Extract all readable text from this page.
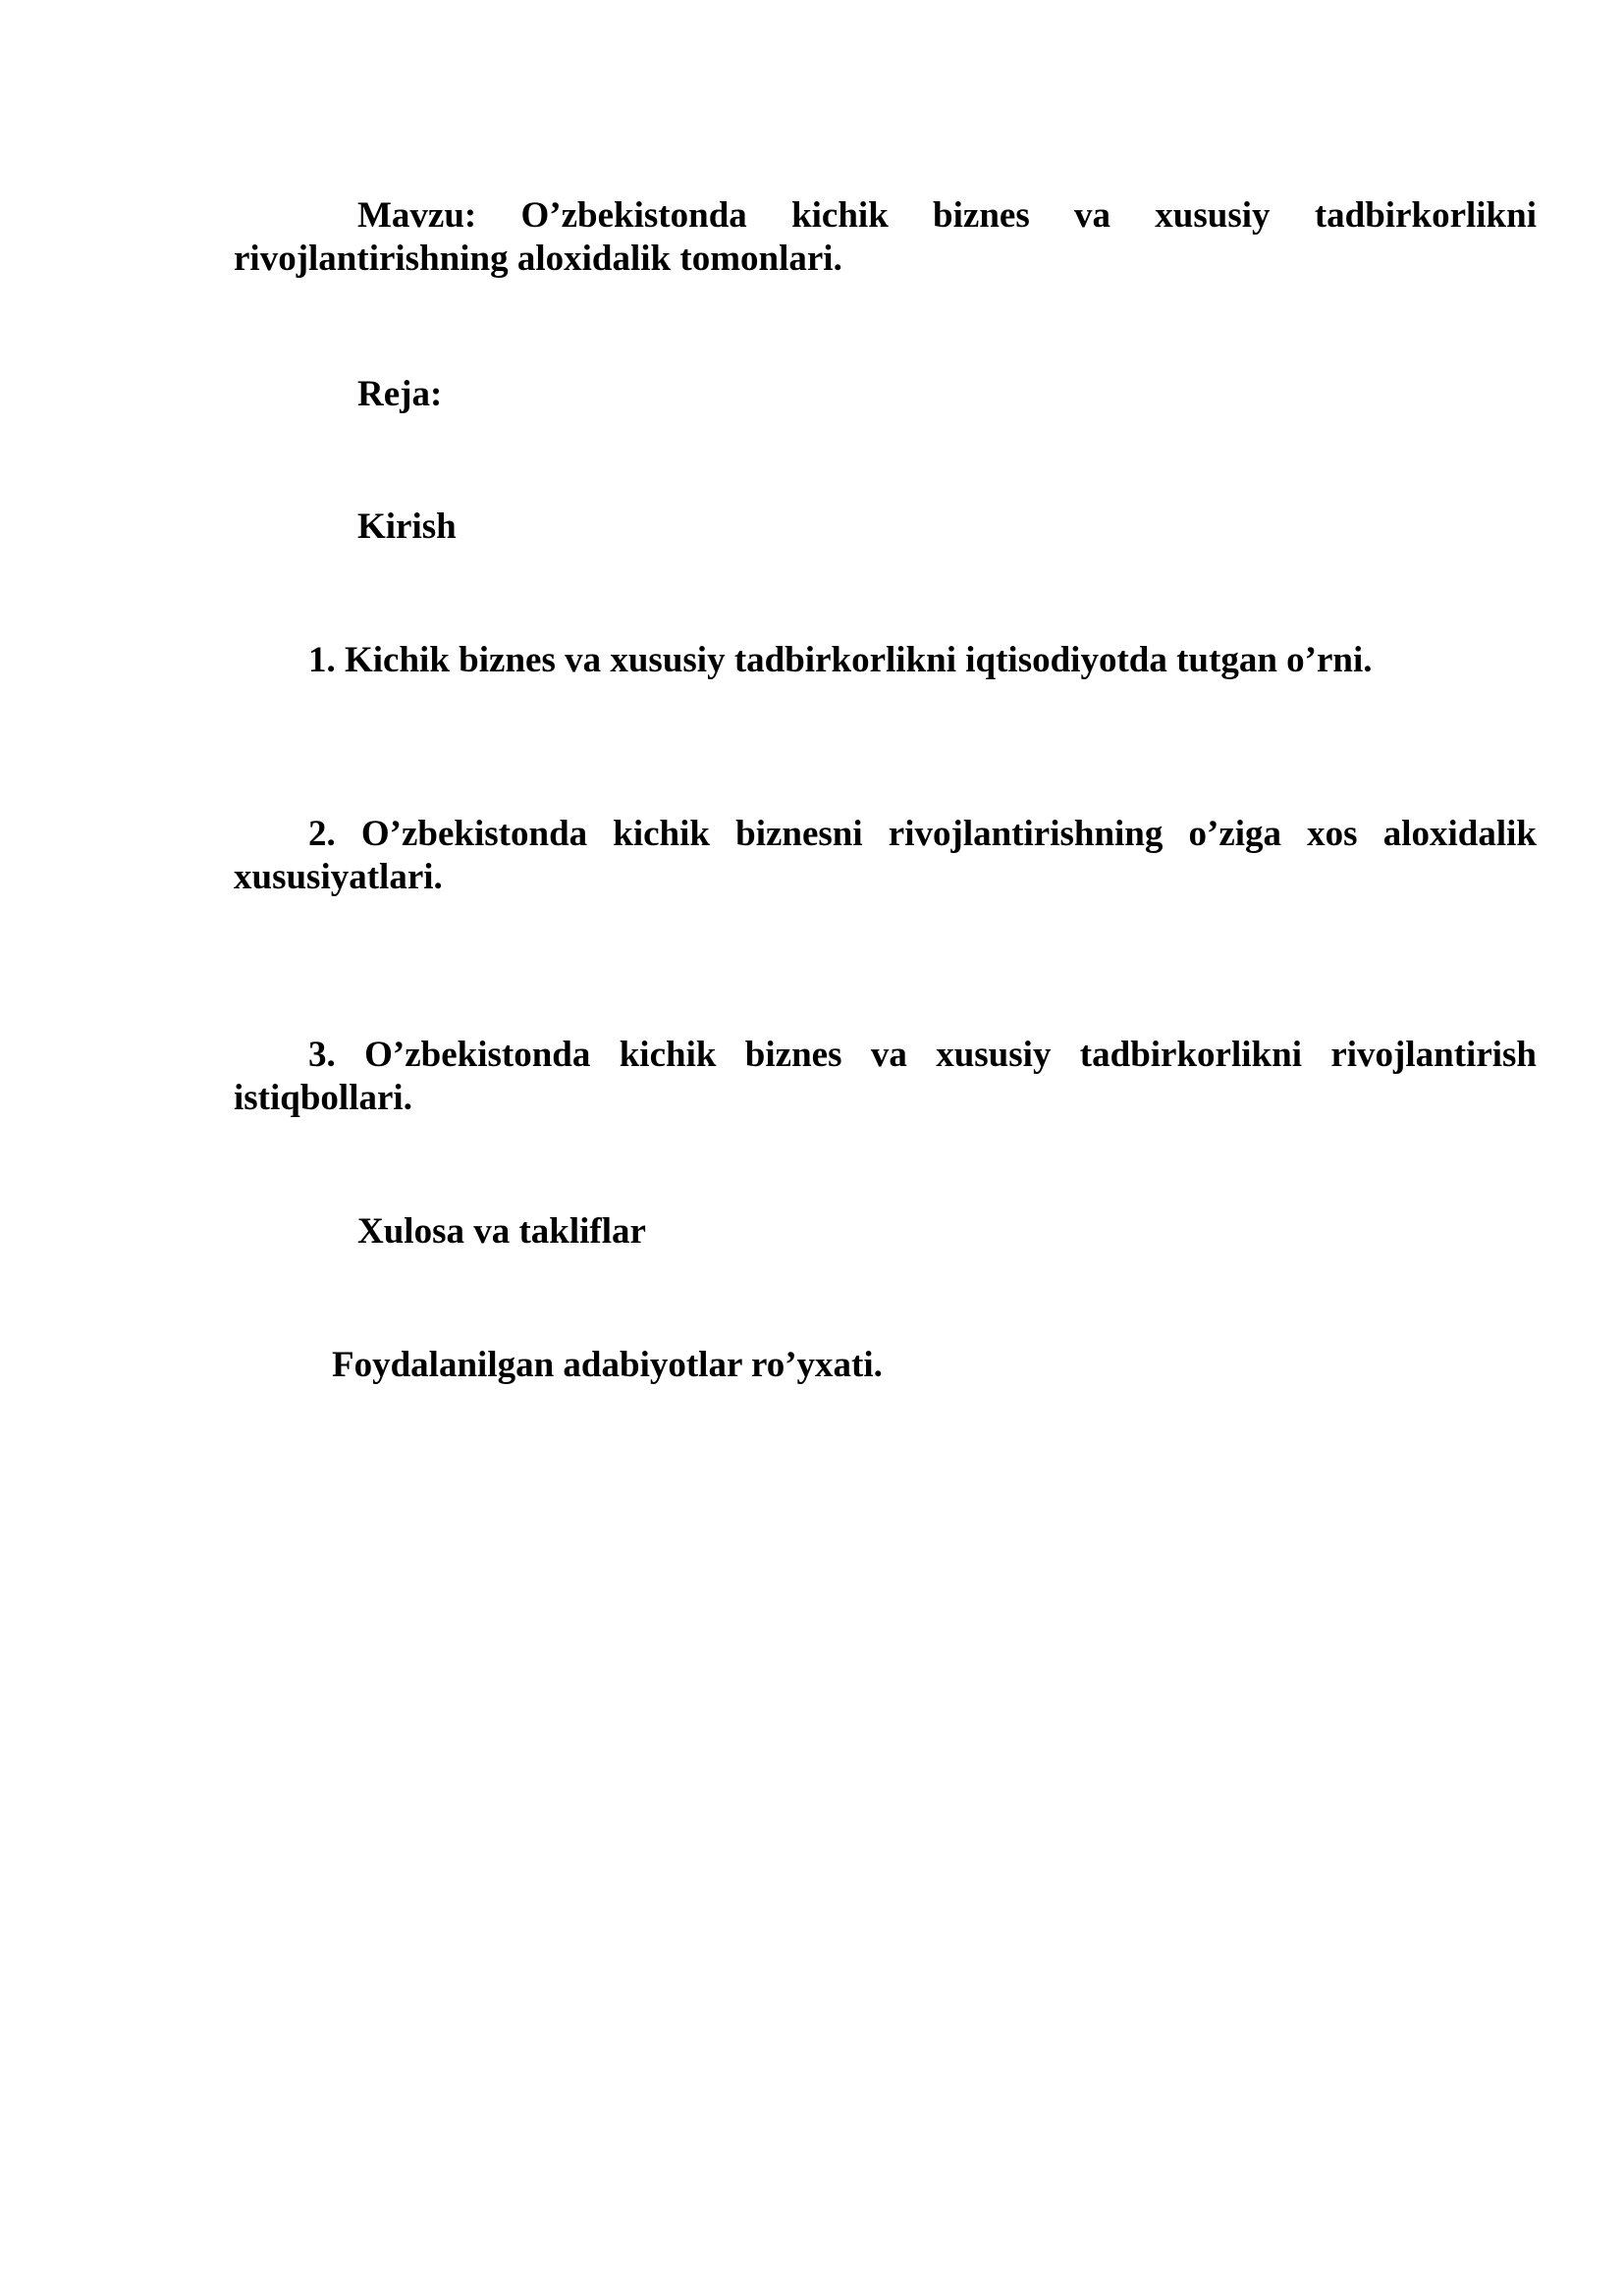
Mavzu: O’zbekistonda kichik biznes va xususiy tadbirkorlikni rivojlantirishning aloxidalik tomonlari.

Reja:

Kirish

1. Kichik biznes va xususiy tadbirkorlikni iqtisodiyotda tutgan o’rni.

2. O’zbekistonda kichik biznesni rivojlantirishning o’ziga xos aloxidalik xususiyatlari.

3. O’zbekistonda kichik biznes va xususiy tadbirkorlikni rivojlantirish istiqbollari.

Xulosa va takliflar

Foydalanilgan adabiyotlar ro’yxati.
